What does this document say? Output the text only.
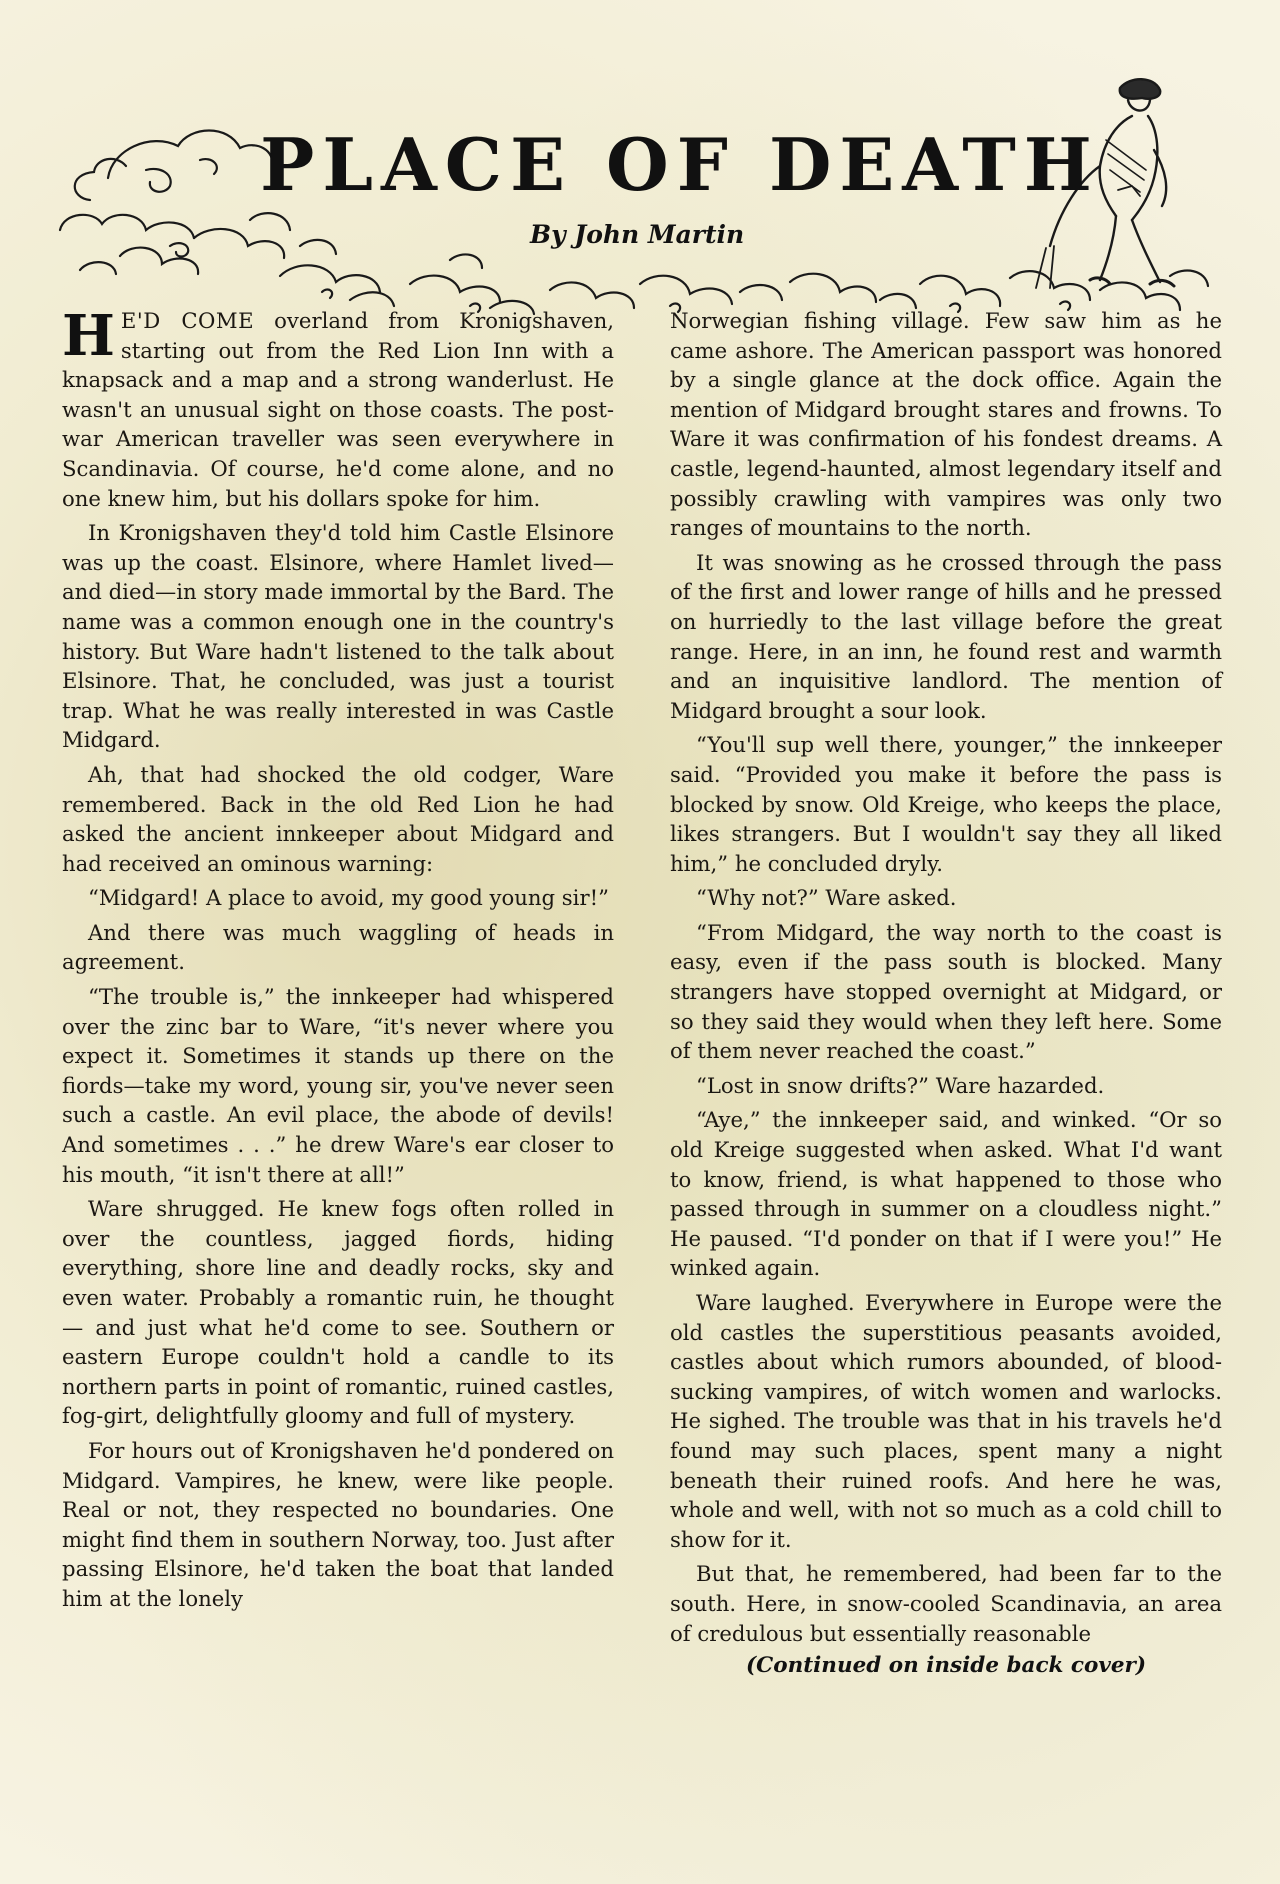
PLACE OF DEATH
By John Martin

H E'D COME overland from Kronigshaven, starting out from the Red Lion Inn with a knapsack and a map and a strong wanderlust. He wasn't an unusual sight on those coasts. The post-war American traveller was seen everywhere in Scandinavia. Of course, he'd come alone, and no one knew him, but his dollars spoke for him.

In Kronigshaven they'd told him Castle Elsinore was up the coast. Elsinore, where Hamlet lived—and died—in story made immortal by the Bard. The name was a common enough one in the country's history. But Ware hadn't listened to the talk about Elsinore. That, he concluded, was just a tourist trap. What he was really interested in was Castle Midgard.

Ah, that had shocked the old codger, Ware remembered. Back in the old Red Lion he had asked the ancient innkeeper about Midgard and had received an ominous warning:

“Midgard! A place to avoid, my good young sir!”

And there was much waggling of heads in agreement.

“The trouble is,” the innkeeper had whispered over the zinc bar to Ware, “it's never where you expect it. Sometimes it stands up there on the fiords—take my word, young sir, you've never seen such a castle. An evil place, the abode of devils! And sometimes . . .” he drew Ware's ear closer to his mouth, “it isn't there at all!”

Ware shrugged. He knew fogs often rolled in over the countless, jagged fiords, hiding everything, shore line and deadly rocks, sky and even water. Probably a romantic ruin, he thought — and just what he'd come to see. Southern or eastern Europe couldn't hold a candle to its northern parts in point of romantic, ruined castles, fog-girt, delightfully gloomy and full of mystery.

For hours out of Kronigshaven he'd pondered on Midgard. Vampires, he knew, were like people. Real or not, they respected no boundaries. One might find them in southern Norway, too. Just after passing Elsinore, he'd taken the boat that landed him at the lonely

Norwegian fishing village. Few saw him as he came ashore. The American passport was honored by a single glance at the dock office. Again the mention of Midgard brought stares and frowns. To Ware it was confirmation of his fondest dreams. A castle, legend-haunted, almost legendary itself and possibly crawling with vampires was only two ranges of mountains to the north.

It was snowing as he crossed through the pass of the first and lower range of hills and he pressed on hurriedly to the last village before the great range. Here, in an inn, he found rest and warmth and an inquisitive landlord. The mention of Midgard brought a sour look.

“You'll sup well there, younger,” the innkeeper said. “Provided you make it before the pass is blocked by snow. Old Kreige, who keeps the place, likes strangers. But I wouldn't say they all liked him,” he concluded dryly.

“Why not?” Ware asked.

“From Midgard, the way north to the coast is easy, even if the pass south is blocked. Many strangers have stopped overnight at Midgard, or so they said they would when they left here. Some of them never reached the coast.”

“Lost in snow drifts?” Ware hazarded.

“Aye,” the innkeeper said, and winked. “Or so old Kreige suggested when asked. What I'd want to know, friend, is what happened to those who passed through in summer on a cloudless night.” He paused. “I'd ponder on that if I were you!” He winked again.

Ware laughed. Everywhere in Europe were the old castles the superstitious peasants avoided, castles about which rumors abounded, of blood-sucking vampires, of witch women and warlocks. He sighed. The trouble was that in his travels he'd found may such places, spent many a night beneath their ruined roofs. And here he was, whole and well, with not so much as a cold chill to show for it.

But that, he remembered, had been far to the south. Here, in snow-cooled Scandinavia, an area of credulous but essentially reasonable

(Continued on inside back cover)
